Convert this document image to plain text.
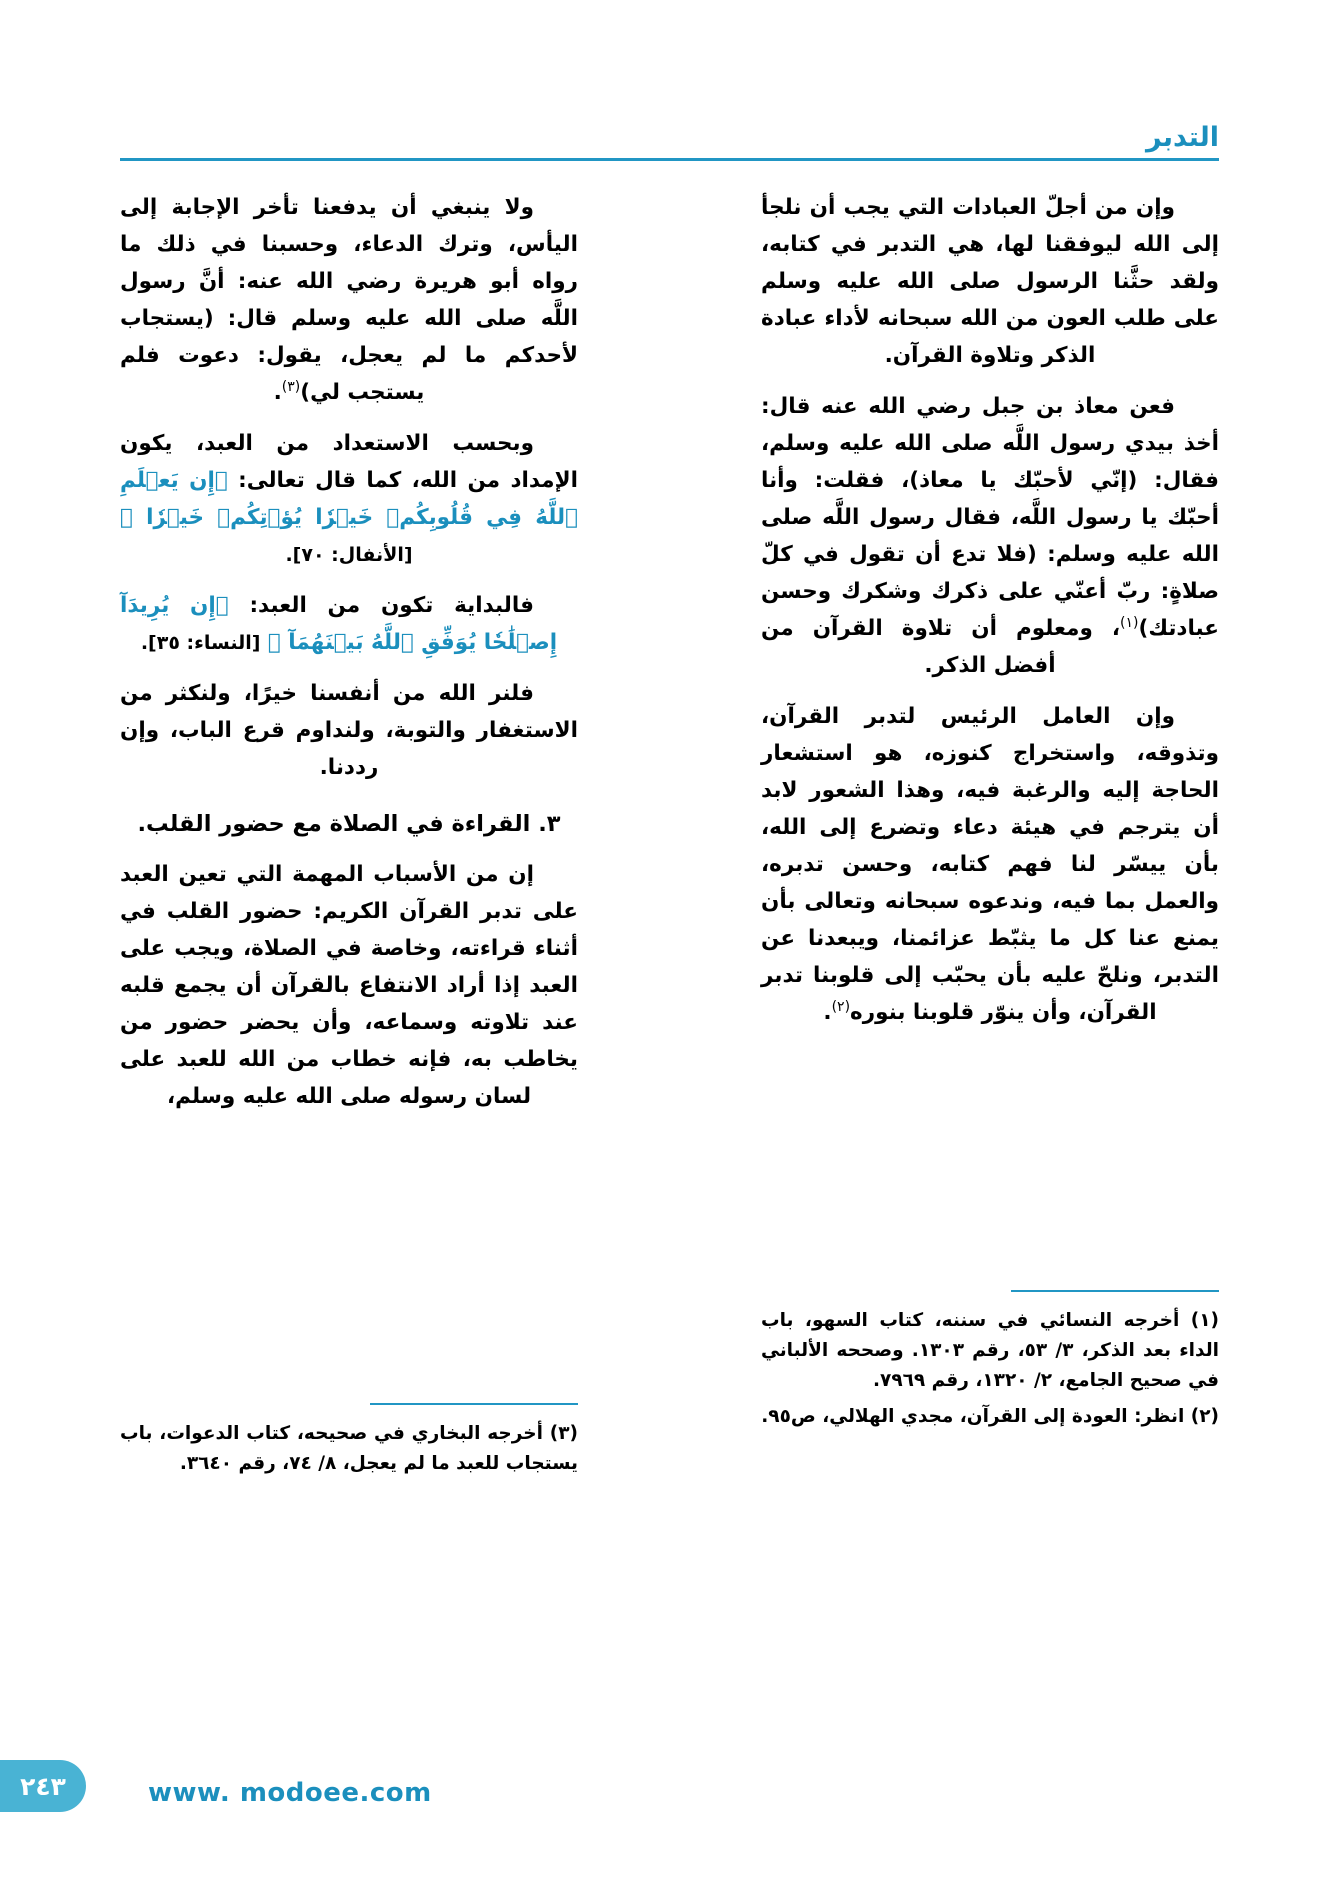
التدبر

وإن من أجلّ العبادات التي يجب أن نلجأ إلى الله ليوفقنا لها، هي التدبر في كتابه، ولقد حثَّنا الرسول صلى الله عليه وسلم على طلب العون من الله سبحانه لأداء عبادة الذكر وتلاوة القرآن.

فعن معاذ بن جبل رضي الله عنه قال: أخذ بيدي رسول اللَّه صلى الله عليه وسلم، فقال: (إنّي لأحبّك يا معاذ)، فقلت: وأنا أحبّك يا رسول اللَّه، فقال رسول اللَّه صلى الله عليه وسلم: (فلا تدع أن تقول في كلّ صلاةٍ: ربّ أعنّي على ذكرك وشكرك وحسن عبادتك)$^{(١)}$، ومعلوم أن تلاوة القرآن من أفضل الذكر.

وإن العامل الرئيس لتدبر القرآن، وتذوقه، واستخراج كنوزه، هو استشعار الحاجة إليه والرغبة فيه، وهذا الشعور لابد أن يترجم في هيئة دعاء وتضرع إلى الله، بأن ييسّر لنا فهم كتابه، وحسن تدبره، والعمل بما فيه، وندعوه سبحانه وتعالى بأن يمنع عنا كل ما يثبّط عزائمنا، ويبعدنا عن التدبر، ونلحّ عليه بأن يحبّب إلى قلوبنا تدبر القرآن، وأن ينوّر قلوبنا بنوره$^{(٢)}$.

ولا ينبغي أن يدفعنا تأخر الإجابة إلى اليأس، وترك الدعاء، وحسبنا في ذلك ما رواه أبو هريرة رضي الله عنه: أنَّ رسول اللَّه صلى الله عليه وسلم قال: (يستجاب لأحدكم ما لم يعجل، يقول: دعوت فلم يستجب لي)$^{(٣)}$.

وبحسب الاستعداد من العبد، يكون الإمداد من الله، كما قال تعالى: ﴿إِن يَعۡلَمِ ٱللَّهُ فِي قُلُوبِكُمۡ خَيۡرٗا يُؤۡتِكُمۡ خَيۡرٗا ﴾ [الأنفال: ٧٠].

فالبداية تكون من العبد: ﴿إِن يُرِيدَآ إِصۡلَٰحٗا يُوَفِّقِ ٱللَّهُ بَيۡنَهُمَآ ﴾ [النساء: ٣٥].

فلنر الله من أنفسنا خيرًا، ولنكثر من الاستغفار والتوبة، ولنداوم قرع الباب، وإن رددنا.

٣. القراءة في الصلاة مع حضور القلب.

إن من الأسباب المهمة التي تعين العبد على تدبر القرآن الكريم: حضور القلب في أثناء قراءته، وخاصة في الصلاة، ويجب على العبد إذا أراد الانتفاع بالقرآن أن يجمع قلبه عند تلاوته وسماعه، وأن يحضر حضور من يخاطب به، فإنه خطاب من الله للعبد على لسان رسوله صلى الله عليه وسلم،

(١) أخرجه النسائي في سننه، كتاب السهو، باب الداء بعد الذكر، ٣/ ٥٣، رقم ١٣٠٣. وصححه الألباني في صحيح الجامع، ٢/ ١٣٢٠، رقم ٧٩٦٩.

(٢) انظر: العودة إلى القرآن، مجدي الهلالي، ص٩٥.

(٣) أخرجه البخاري في صحيحه، كتاب الدعوات، باب يستجاب للعبد ما لم يعجل، ٨/ ٧٤، رقم ٣٦٤٠.

٢٤٣	www. modoee.com
